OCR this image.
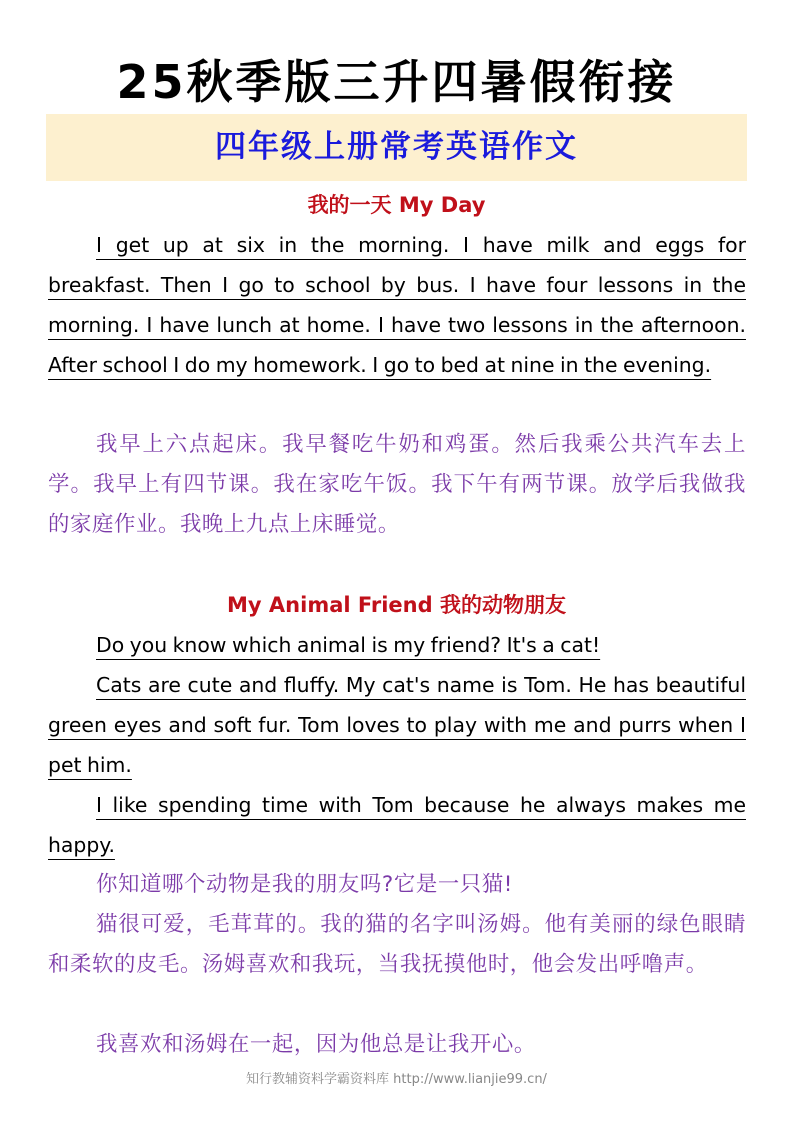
25秋季版三升四暑假衔接
四年级上册常考英语作文
我的一天 My Day

I get up at six in the morning. I have milk and eggs for breakfast. Then I go to school by bus. I have four lessons in the morning. I have lunch at home. I have two lessons in the afternoon. After school I do my homework. I go to bed at nine in the evening.

我早上六点起床。我早餐吃牛奶和鸡蛋。然后我乘公共汽车去上学。我早上有四节课。我在家吃午饭。我下午有两节课。放学后我做我的家庭作业。我晚上九点上床睡觉。

My Animal Friend 我的动物朋友

Do you know which animal is my friend? It's a cat!

Cats are cute and fluffy. My cat's name is Tom. He has beautiful green eyes and soft fur. Tom loves to play with me and purrs when I pet him.

I like spending time with Tom because he always makes me happy.

你知道哪个动物是我的朋友吗?它是一只猫!

猫很可爱，毛茸茸的。我的猫的名字叫汤姆。他有美丽的绿色眼睛和柔软的皮毛。汤姆喜欢和我玩，当我抚摸他时，他会发出呼噜声。

我喜欢和汤姆在一起，因为他总是让我开心。

知行教辅资料学霸资料库 http://www.lianjie99.cn/
